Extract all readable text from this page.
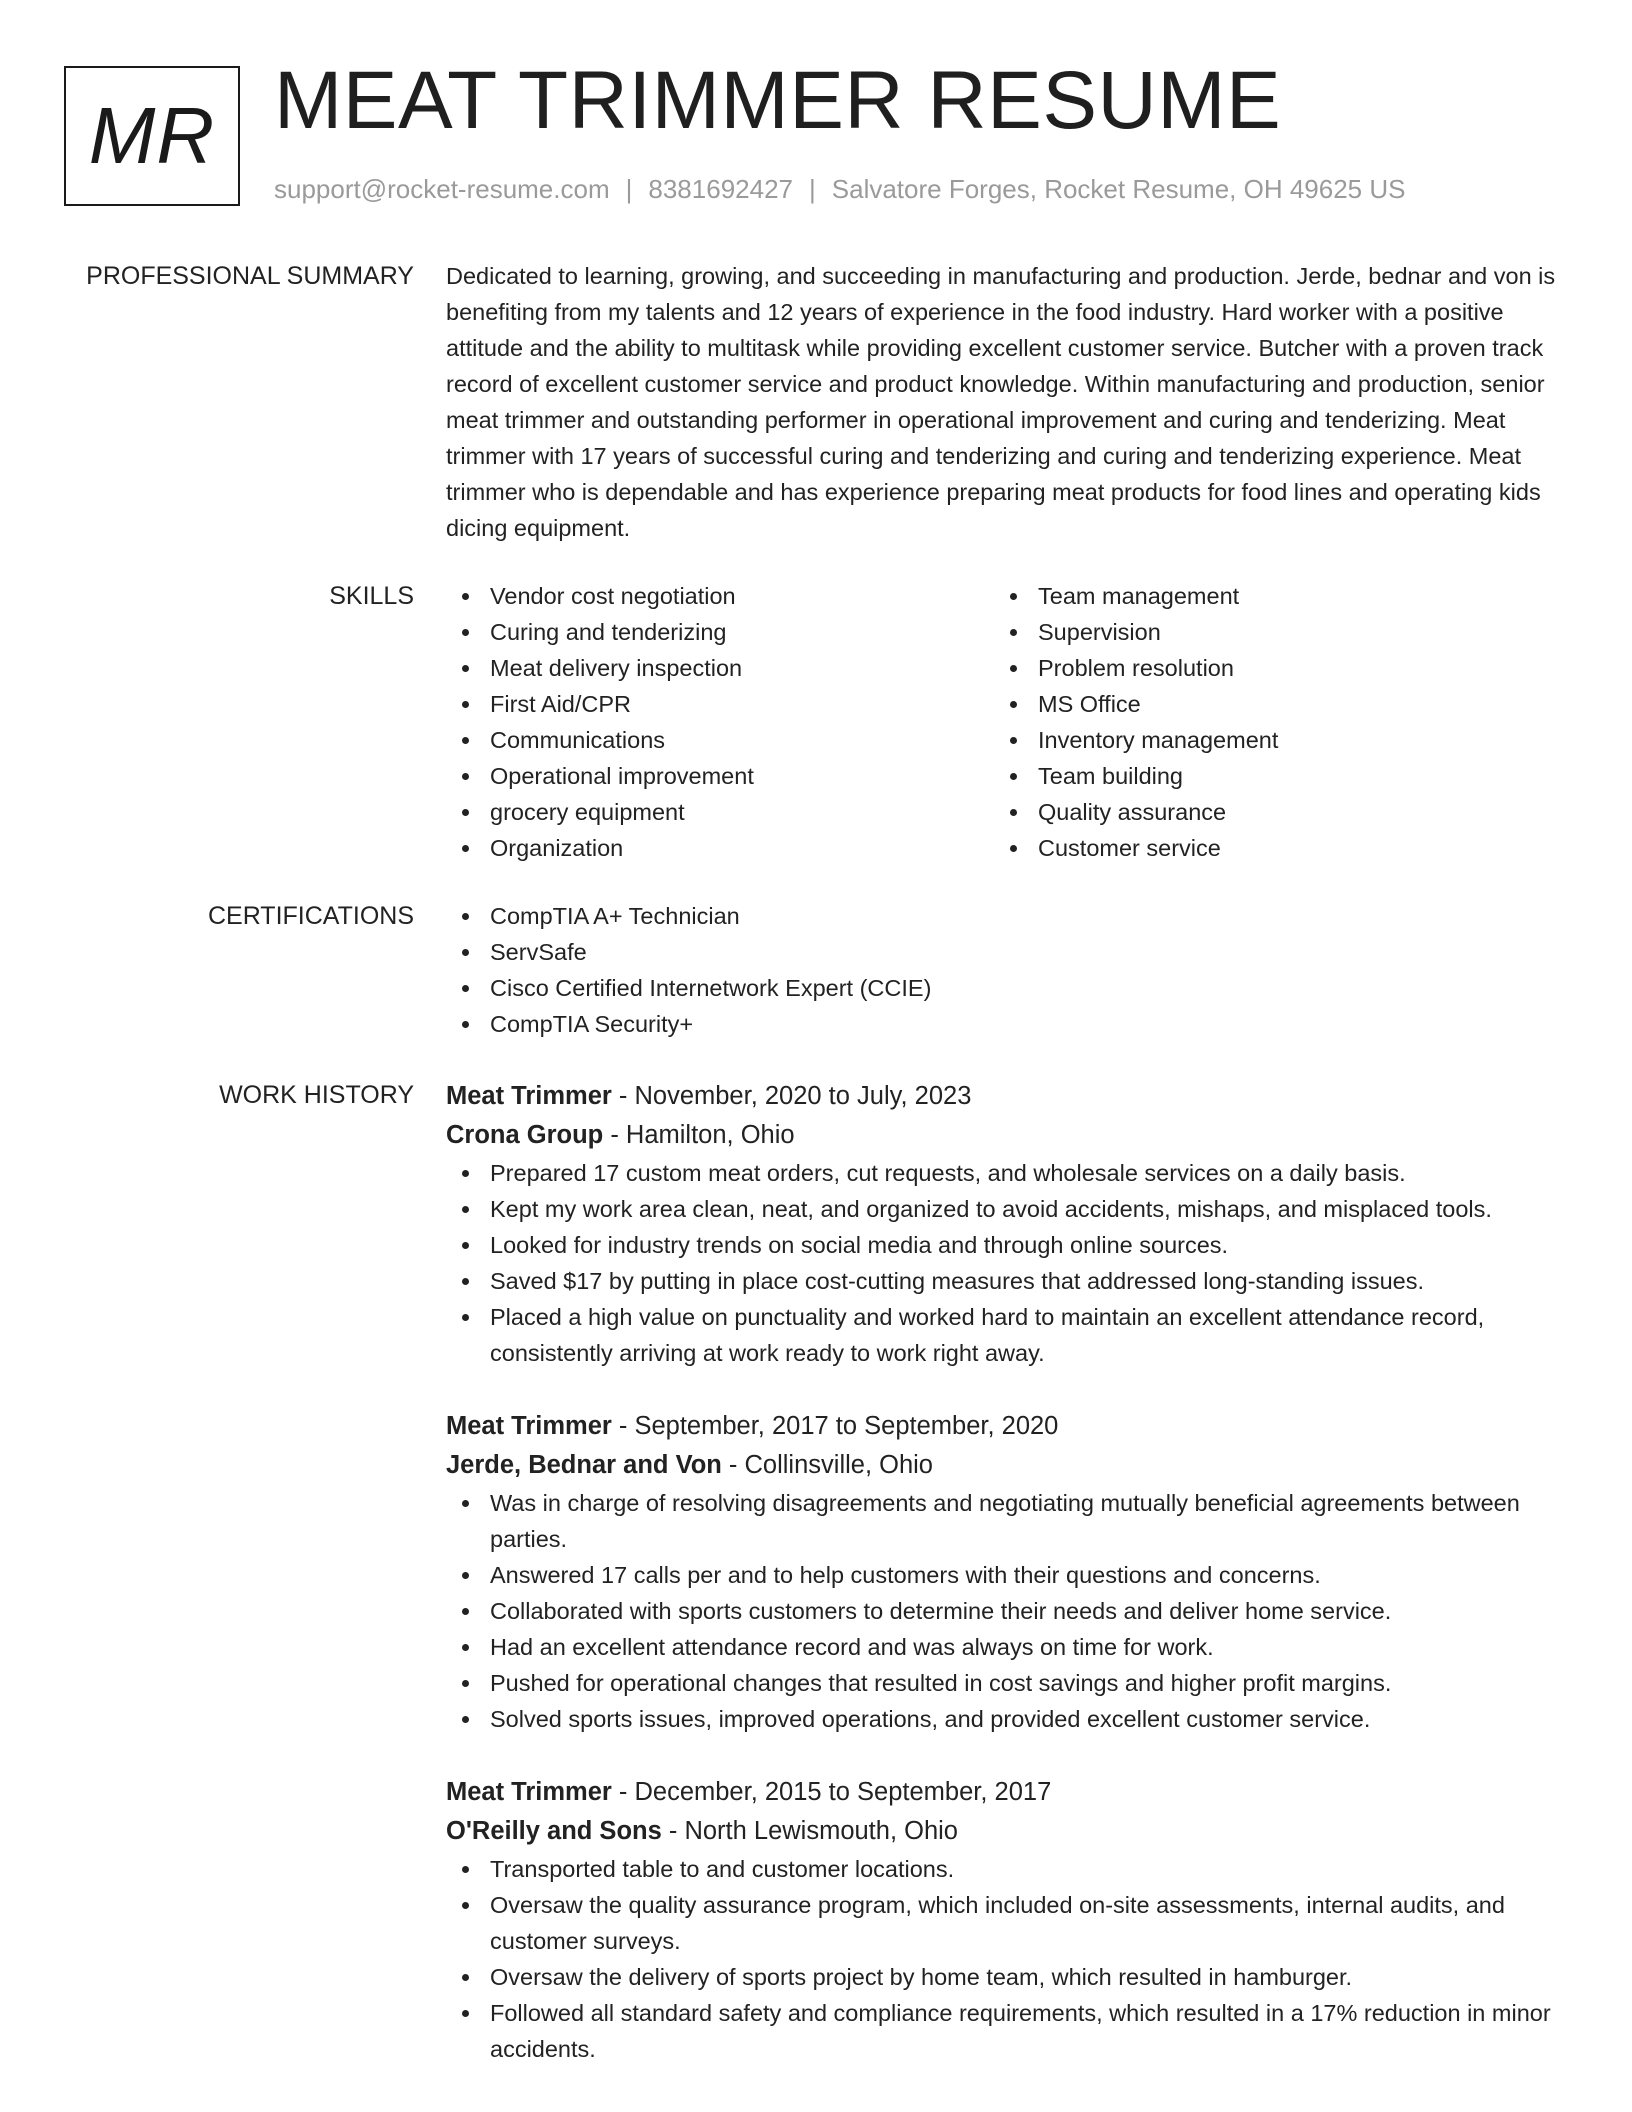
MR MEAT TRIMMER RESUME
support@rocket-resume.com | 8381692427 | Salvatore Forges, Rocket Resume, OH 49625 US
PROFESSIONAL SUMMARY Dedicated to learning, growing, and succeeding in manufacturing and production. Jerde, bednar and von is benefiting from my talents and 12 years of experience in the food industry. Hard worker with a positive attitude and the ability to multitask while providing excellent customer service. Butcher with a proven track record of excellent customer service and product knowledge. Within manufacturing and production, senior meat trimmer and outstanding performer in operational improvement and curing and tenderizing. Meat trimmer with 17 years of successful curing and tenderizing and curing and tenderizing experience. Meat trimmer who is dependable and has experience preparing meat products for food lines and operating kids dicing equipment.

SKILLS	Vendor cost negotiation
Curing and tenderizing
Meat delivery inspection
First Aid/CPR
Communications
Operational improvement
grocery equipment
Organization
Team management
Supervision
Problem resolution
MS Office
Inventory management
Team building
Quality assurance
Customer service
CERTIFICATIONS	CompTIA A+ Technician
ServSafe
Cisco Certified Internetwork Expert (CCIE)
CompTIA Security+
WORK HISTORY Meat Trimmer - November, 2020 to July, 2023
Crona Group - Hamilton, Ohio
Prepared 17 custom meat orders, cut requests, and wholesale services on a daily basis.
Kept my work area clean, neat, and organized to avoid accidents, mishaps, and misplaced tools.
Looked for industry trends on social media and through online sources.
Saved $17 by putting in place cost-cutting measures that addressed long-standing issues.
Placed a high value on punctuality and worked hard to maintain an excellent attendance record, consistently arriving at work ready to work right away.
Meat Trimmer - September, 2017 to September, 2020
Jerde, Bednar and Von - Collinsville, Ohio
Was in charge of resolving disagreements and negotiating mutually beneficial agreements between parties.
Answered 17 calls per and to help customers with their questions and concerns.
Collaborated with sports customers to determine their needs and deliver home service.
Had an excellent attendance record and was always on time for work.
Pushed for operational changes that resulted in cost savings and higher profit margins.
Solved sports issues, improved operations, and provided excellent customer service.
Meat Trimmer - December, 2015 to September, 2017
O'Reilly and Sons - North Lewismouth, Ohio
Transported table to and customer locations.
Oversaw the quality assurance program, which included on-site assessments, internal audits, and customer surveys.
Oversaw the delivery of sports project by home team, which resulted in hamburger.
Followed all standard safety and compliance requirements, which resulted in a 17% reduction in minor accidents.
